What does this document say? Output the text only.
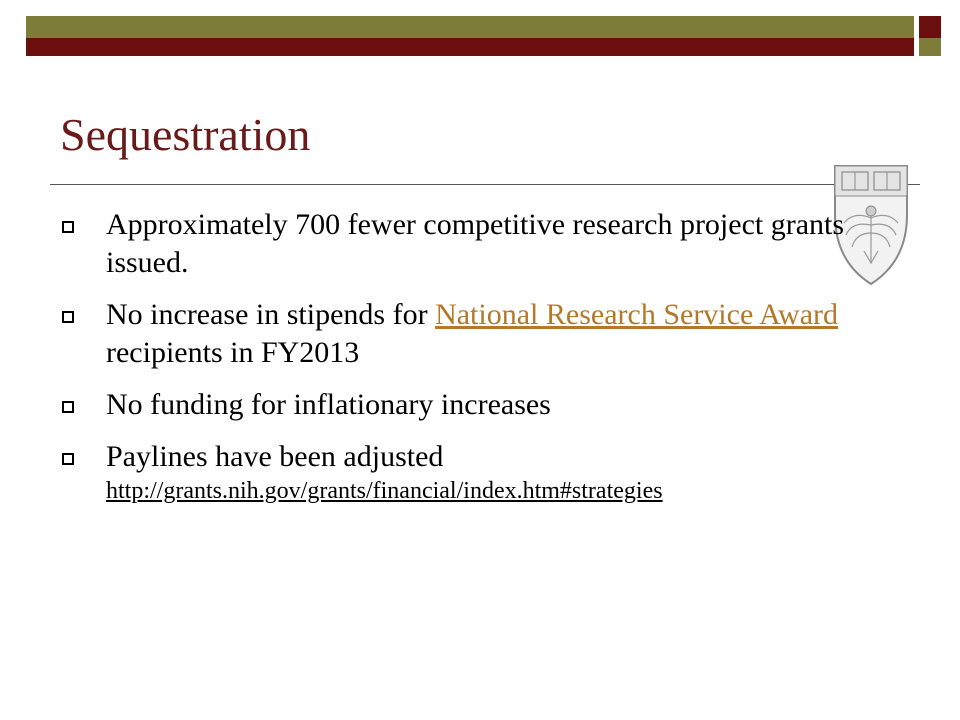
Sequestration
Approximately 700 fewer competitive research project grants issued.
No increase in stipends for National Research Service Award recipients in FY2013
No funding for inflationary increases
Paylines have been adjusted
http://grants.nih.gov/grants/financial/index.htm#strategies
